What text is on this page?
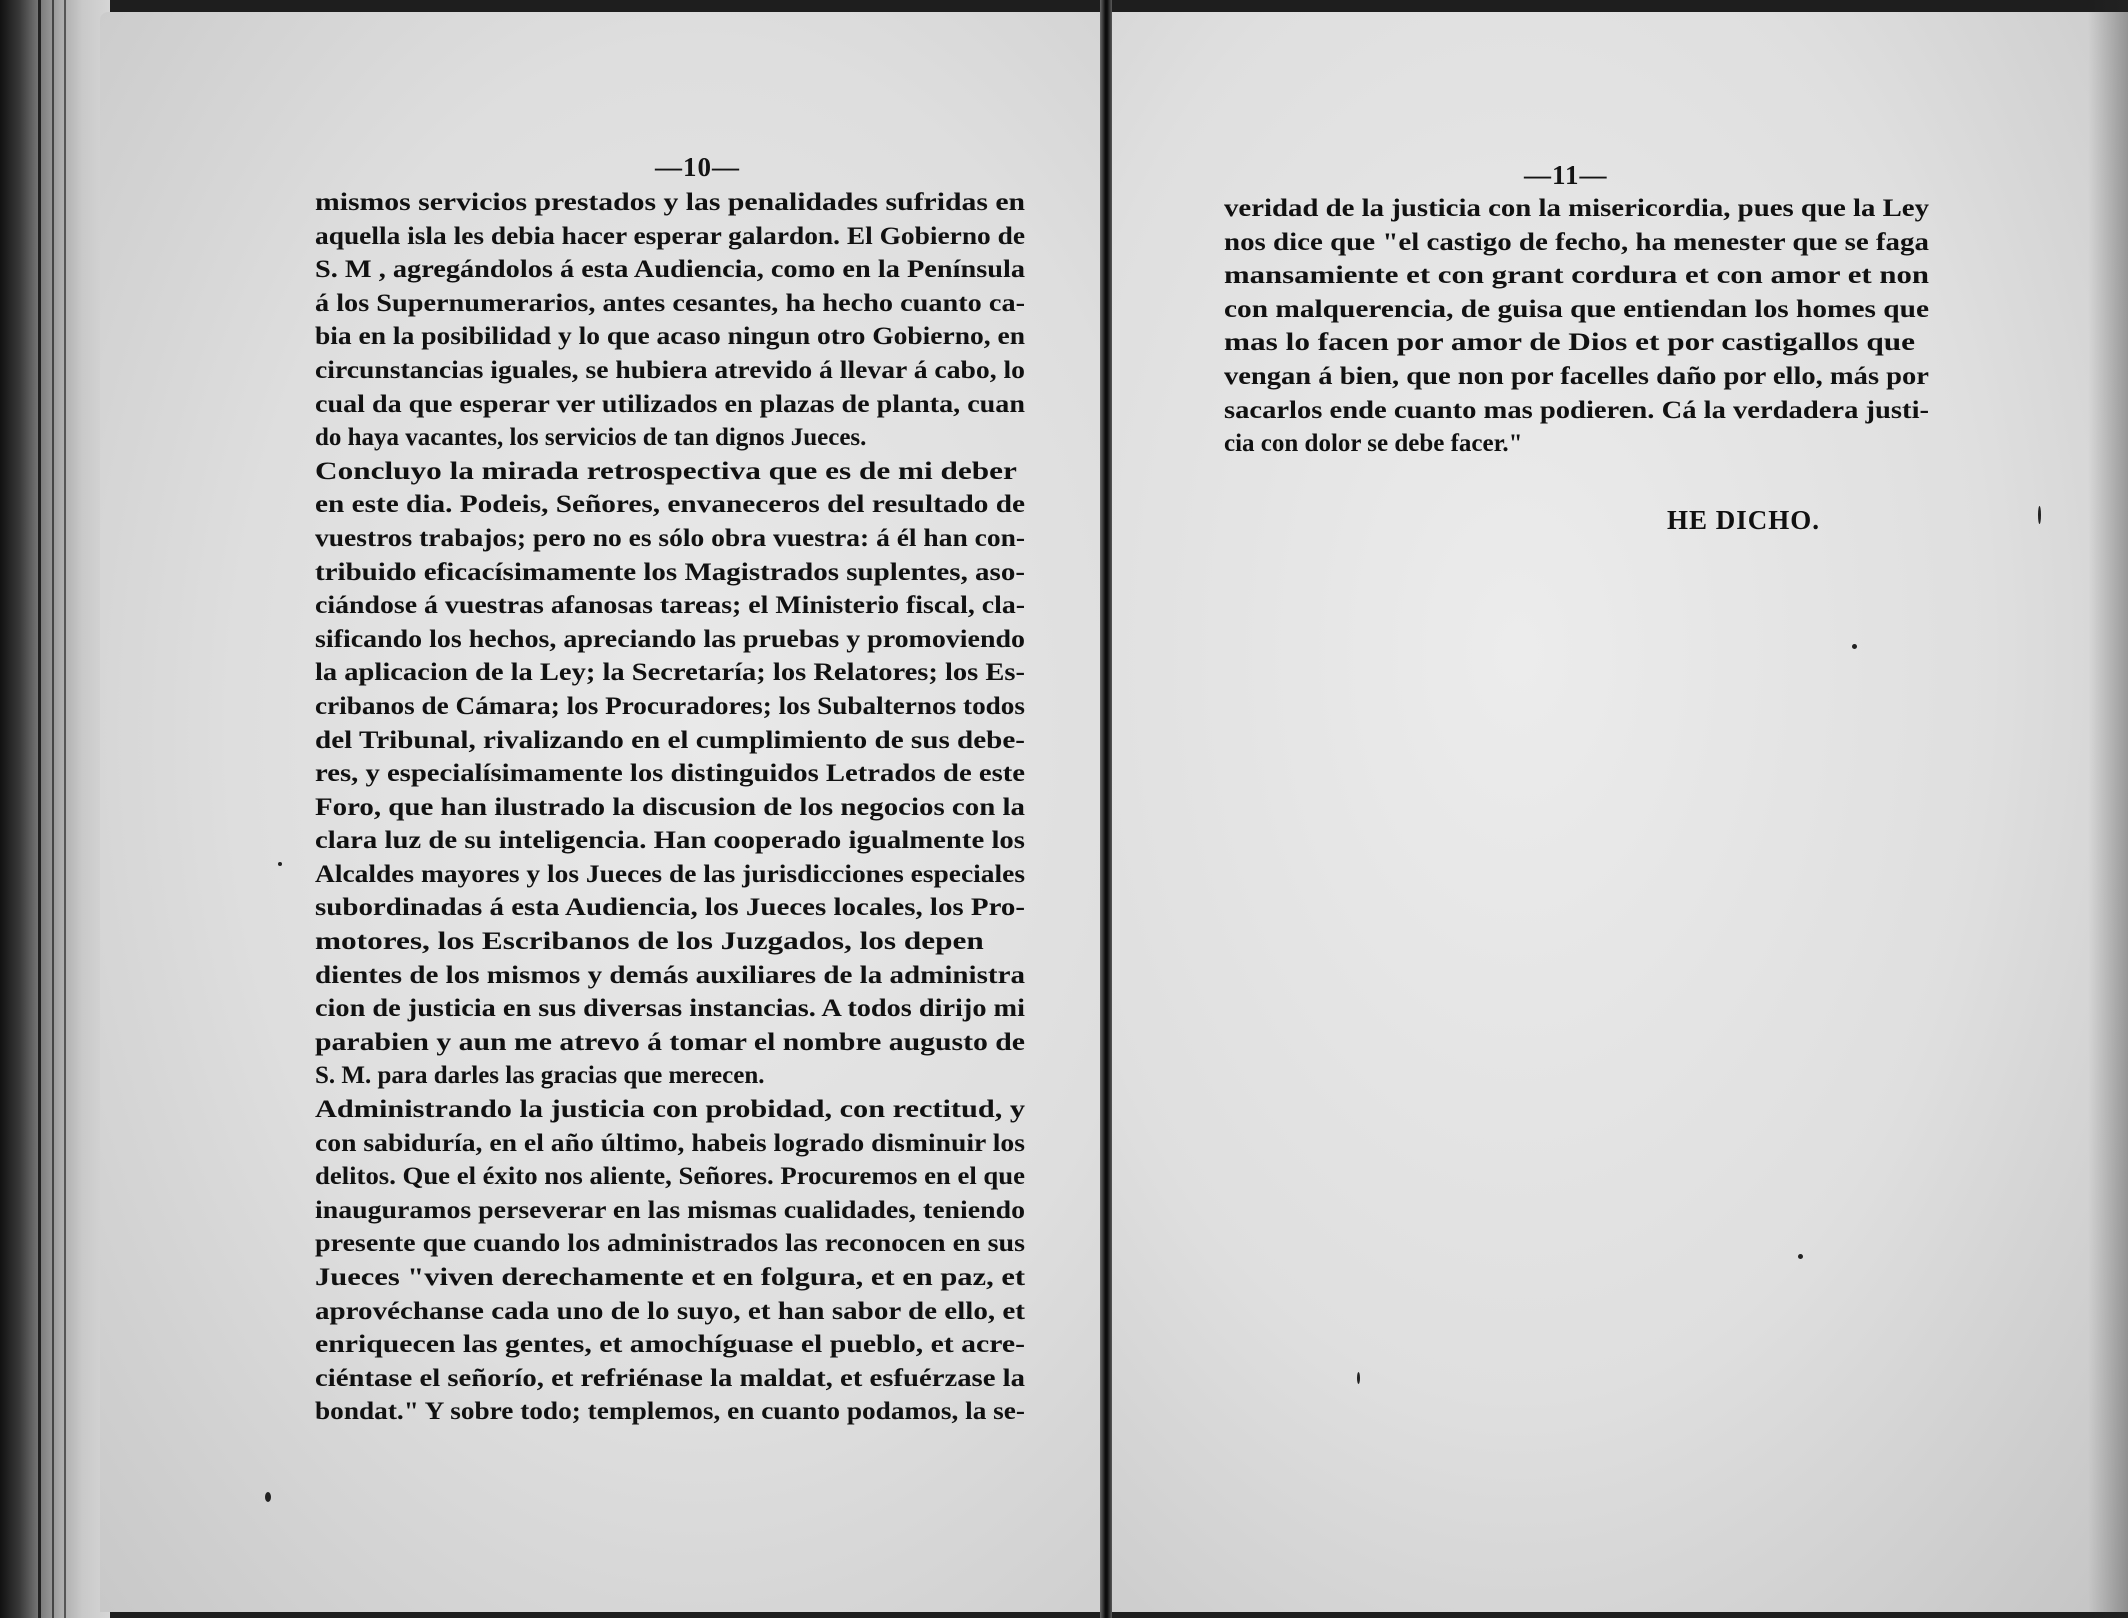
—10—
mismos servicios prestados y las penalidades sufridas en
aquella isla les debia hacer esperar galardon. El Gobierno de
S. M , agregándolos á esta Audiencia, como en la Península
á los Supernumerarios, antes cesantes, ha hecho cuanto ca-
bia en la posibilidad y lo que acaso ningun otro Gobierno, en
circunstancias iguales, se hubiera atrevido á llevar á cabo, lo
cual da que esperar ver utilizados en plazas de planta, cuan
do haya vacantes, los servicios de tan dignos Jueces.
Concluyo la mirada retrospectiva que es de mi deber
en este dia. Podeis, Señores, envaneceros del resultado de
vuestros trabajos; pero no es sólo obra vuestra: á él han con-
tribuido eficacísimamente los Magistrados suplentes, aso-
ciándose á vuestras afanosas tareas; el Ministerio fiscal, cla-
sificando los hechos, apreciando las pruebas y promoviendo
la aplicacion de la Ley; la Secretaría; los Relatores; los Es-
cribanos de Cámara; los Procuradores; los Subalternos todos
del Tribunal, rivalizando en el cumplimiento de sus debe-
res, y especialísimamente los distinguidos Letrados de este
Foro, que han ilustrado la discusion de los negocios con la
clara luz de su inteligencia. Han cooperado igualmente los
Alcaldes mayores y los Jueces de las jurisdicciones especiales
subordinadas á esta Audiencia, los Jueces locales, los Pro-
motores, los Escribanos de los Juzgados, los depen
dientes de los mismos y demás auxiliares de la administra
cion de justicia en sus diversas instancias. A todos dirijo mi
parabien y aun me atrevo á tomar el nombre augusto de
S. M. para darles las gracias que merecen.
Administrando la justicia con probidad, con rectitud, y
con sabiduría, en el año último, habeis logrado disminuir los
delitos. Que el éxito nos aliente, Señores. Procuremos en el que
inauguramos perseverar en las mismas cualidades, teniendo
presente que cuando los administrados las reconocen en sus
Jueces "viven derechamente et en folgura, et en paz, et
aprovéchanse cada uno de lo suyo, et han sabor de ello, et
enriquecen las gentes, et amochíguase el pueblo, et acre-
ciéntase el señorío, et refriénase la maldat, et esfuérzase la
bondat." Y sobre todo; templemos, en cuanto podamos, la se-
—11—
veridad de la justicia con la misericordia, pues que la Ley
nos dice que "el castigo de fecho, ha menester que se faga
mansamiente et con grant cordura et con amor et non
con malquerencia, de guisa que entiendan los homes que
mas lo facen por amor de Dios et por castigallos que
vengan á bien, que non por facelles daño por ello, más por
sacarlos ende cuanto mas podieren. Cá la verdadera justi-
cia con dolor se debe facer."
HE DICHO.
